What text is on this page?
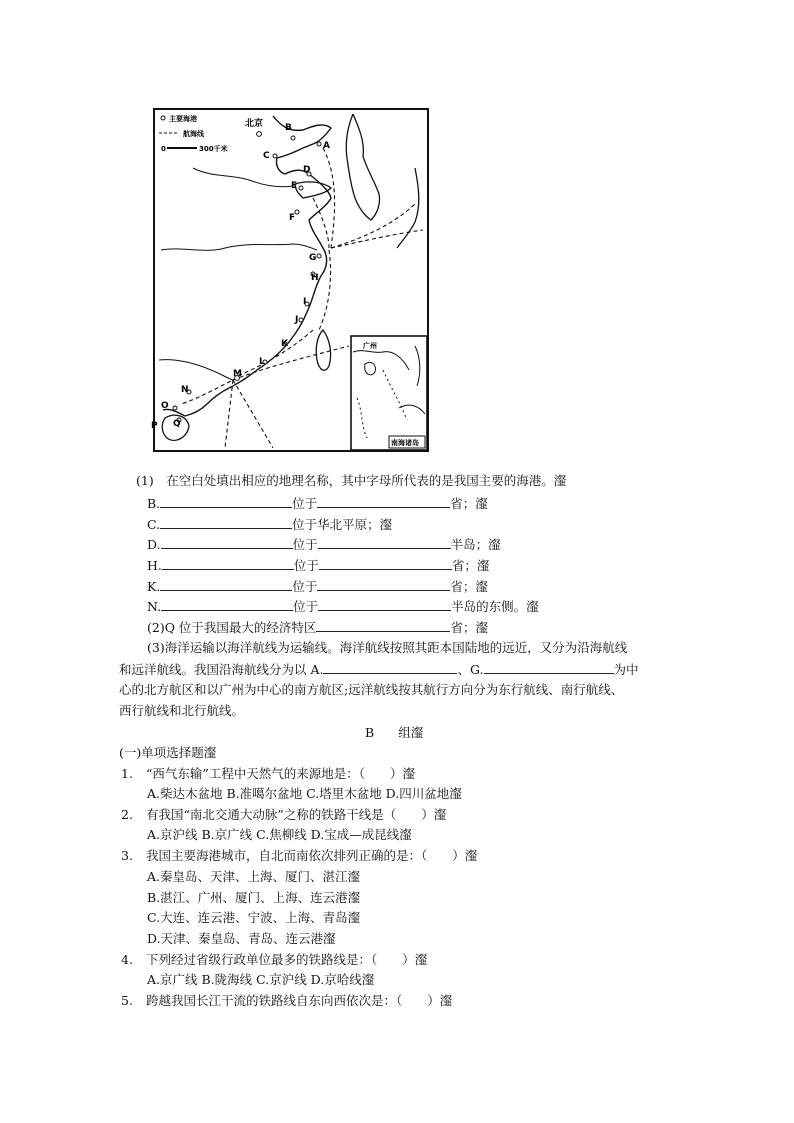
主要海港
航海线
0	300千米
北京
A
B
C
D
E
F
G
H
I
J
K
L
M
N
O
P Q
广州
南海诸岛
(1)　在空白处填出相应的地理名称，其中字母所代表的是我国主要的海港。瀣
B.	位于	省；瀣
C.	位于华北平原；瀣
D.	位于	半岛；瀣
H.	位于	省；瀣
K.	位于	省；瀣
N.	位于	半岛的东侧。瀣
(2)Q 位于我国最大的经济特区	省；瀣
(3)海洋运输以海洋航线为运输线。海洋航线按照其距本国陆地的远近，又分为沿海航线
和远洋航线。我国沿海航线分为以 A.	、G.	为中
心的北方航区和以广州为中心的南方航区;远洋航线按其航行方向分为东行航线、南行航线、
西行航线和北行航线。
B 组瀣
(一)单项选择题瀣
1. “西气东输”工程中天然气的来源地是：（　　）瀣
A.柴达木盆地 B.准噶尔盆地 C.塔里木盆地 D.四川盆地瀣
2. 有我国“南北交通大动脉”之称的铁路干线是（　　）瀣
A.京沪线 B.京广线 C.焦柳线 D.宝成—成昆线瀣
3. 我国主要海港城市，自北而南依次排列正确的是：（　　）瀣
A.秦皇岛、天津、上海、厦门、湛江瀣
B.湛江、广州、厦门、上海、连云港瀣
C.大连、连云港、宁波、上海、青岛瀣
D.天津、秦皇岛、青岛、连云港瀣
4. 下列经过省级行政单位最多的铁路线是：（　　）瀣
A.京广线 B.陇海线 C.京沪线 D.京哈线瀣
5. 跨越我国长江干流的铁路线自东向西依次是：（　　）瀣
